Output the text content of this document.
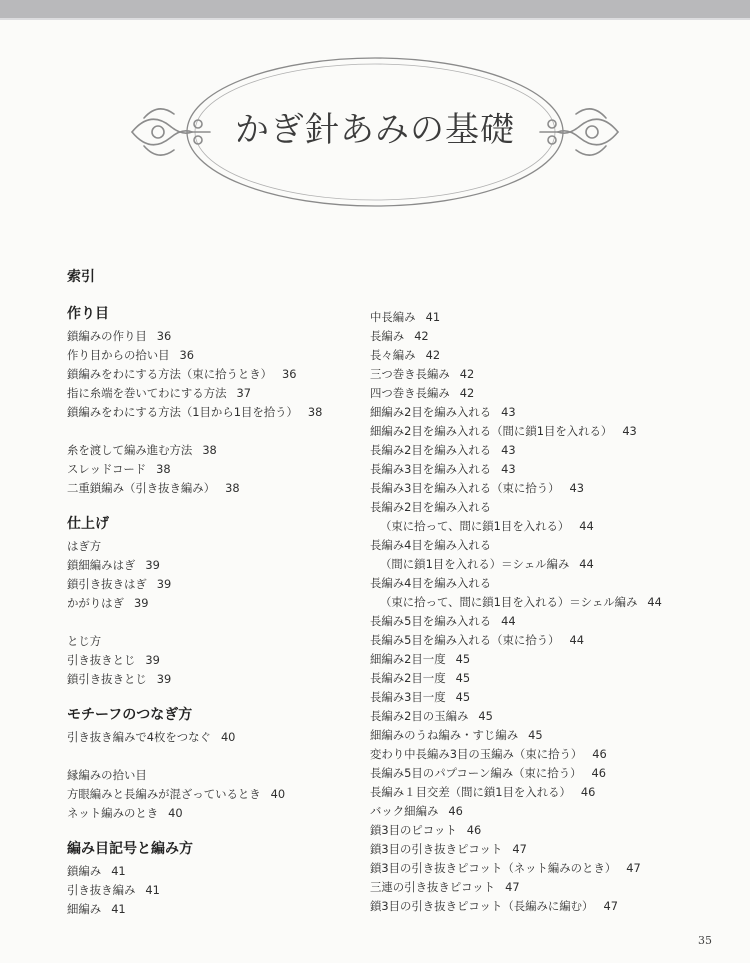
かぎ針あみの基礎
索引
作り目
鎖編みの作り目 36
作り目からの拾い目 36
鎖編みをわにする方法（束に拾うとき） 36
指に糸端を巻いてわにする方法 37
鎖編みをわにする方法（1目から1目を拾う） 38
糸を渡して編み進む方法 38
スレッドコード 38
二重鎖編み（引き抜き編み） 38
仕上げ
はぎ方
鎖細編みはぎ 39
鎖引き抜きはぎ 39
かがりはぎ 39
とじ方
引き抜きとじ 39
鎖引き抜きとじ 39
モチーフのつなぎ方
引き抜き編みで4枚をつなぐ 40
縁編みの拾い目
方眼編みと長編みが混ざっているとき 40
ネット編みのとき 40
編み目記号と編み方
鎖編み 41
引き抜き編み 41
細編み 41
中長編み 41
長編み 42
長々編み 42
三つ巻き長編み 42
四つ巻き長編み 42
細編み2目を編み入れる 43
細編み2目を編み入れる（間に鎖1目を入れる） 43
長編み2目を編み入れる 43
長編み3目を編み入れる 43
長編み3目を編み入れる（束に拾う） 43
長編み2目を編み入れる
（束に拾って、間に鎖1目を入れる） 44
長編み4目を編み入れる
（間に鎖1目を入れる）＝シェル編み 44
長編み4目を編み入れる
（束に拾って、間に鎖1目を入れる）＝シェル編み 44
長編み5目を編み入れる 44
長編み5目を編み入れる（束に拾う） 44
細編み2目一度 45
長編み2目一度 45
長編み3目一度 45
長編み2目の玉編み 45
細編みのうね編み・すじ編み 45
変わり中長編み3目の玉編み（束に拾う） 46
長編み5目のパプコーン編み（束に拾う） 46
長編み１目交差（間に鎖1目を入れる） 46
バック細編み 46
鎖3目のピコット 46
鎖3目の引き抜きピコット 47
鎖3目の引き抜きピコット（ネット編みのとき） 47
三連の引き抜きピコット 47
鎖3目の引き抜きピコット（長編みに編む） 47
35
